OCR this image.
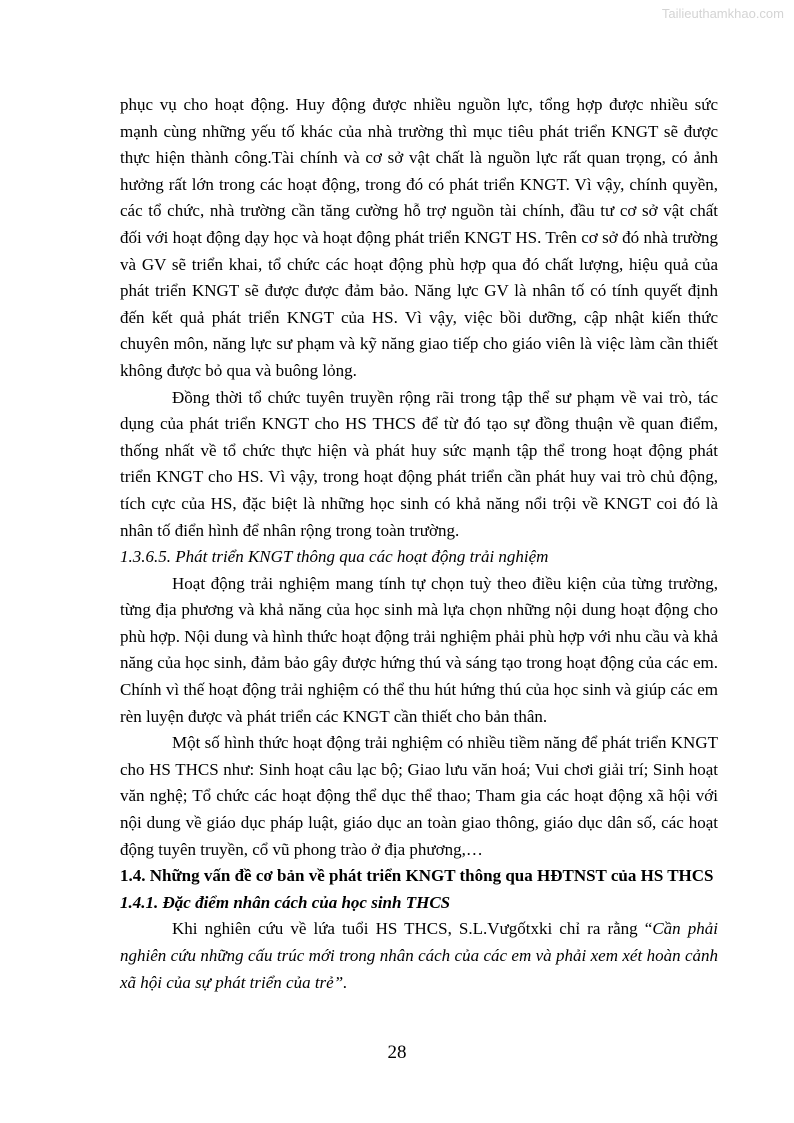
Tailieuthamkhao.com

phục vụ cho hoạt động. Huy động được nhiều nguồn lực, tổng hợp được nhiều sức mạnh cùng những yếu tố khác của nhà trường thì mục tiêu phát triển KNGT sẽ được thực hiện thành công.Tài chính và cơ sở vật chất là nguồn lực rất quan trọng, có ảnh hưởng rất lớn trong các hoạt động, trong đó có phát triển KNGT. Vì vậy, chính quyền, các tổ chức, nhà trường cần tăng cường hỗ trợ nguồn tài chính, đầu tư cơ sở vật chất đối với hoạt động dạy học và hoạt động phát triển KNGT HS. Trên cơ sở đó nhà trường và GV sẽ triển khai, tổ chức các hoạt động phù hợp qua đó chất lượng, hiệu quả của phát triển KNGT sẽ được được đảm bảo. Năng lực GV là nhân tố có tính quyết định đến kết quả phát triển KNGT của HS. Vì vậy, việc bồi dưỡng, cập nhật kiến thức chuyên môn, năng lực sư phạm và kỹ năng giao tiếp cho giáo viên là việc làm cần thiết không được bỏ qua và buông lỏng.

Đồng thời tổ chức tuyên truyền rộng rãi trong tập thể sư phạm về vai trò, tác dụng của phát triển KNGT cho HS THCS để từ đó tạo sự đồng thuận về quan điểm, thống nhất về tổ chức thực hiện và phát huy sức mạnh tập thể trong hoạt động phát triển KNGT cho HS. Vì vậy, trong hoạt động phát triển cần phát huy vai trò chủ động, tích cực của HS, đặc biệt là những học sinh có khả năng nổi trội về KNGT coi đó là nhân tố điển hình để nhân rộng trong toàn trường.

1.3.6.5. Phát triển KNGT thông qua các hoạt động trải nghiệm

Hoạt động trải nghiệm mang tính tự chọn tuỳ theo điều kiện của từng trường, từng địa phương và khả năng của học sinh mà lựa chọn những nội dung hoạt động cho phù hợp. Nội dung và hình thức hoạt động trải nghiệm phải phù hợp với nhu cầu và khả năng của học sinh, đảm bảo gây được hứng thú và sáng tạo trong hoạt động của các em. Chính vì thế hoạt động trải nghiệm có thể thu hút hứng thú của học sinh và giúp các em rèn luyện được và phát triển các KNGT cần thiết cho bản thân.

Một số hình thức hoạt động trải nghiệm có nhiều tiềm năng để phát triển KNGT cho HS THCS như: Sinh hoạt câu lạc bộ; Giao lưu văn hoá; Vui chơi giải trí; Sinh hoạt văn nghệ; Tổ chức các hoạt động thể dục thể thao; Tham gia các hoạt động xã hội với nội dung về giáo dục pháp luật, giáo dục an toàn giao thông, giáo dục dân số, các hoạt động tuyên truyền, cổ vũ phong trào ở địa phương,…

1.4. Những vấn đề cơ bản về phát triển KNGT thông qua HĐTNST của HS THCS

1.4.1. Đặc điểm nhân cách của học sinh THCS

Khi nghiên cứu về lứa tuổi HS THCS, S.L.Vưgốtxki chỉ ra rằng “Cần phải nghiên cứu những cấu trúc mới trong nhân cách của các em và phải xem xét hoàn cảnh xã hội của sự phát triển của trẻ”.

28
